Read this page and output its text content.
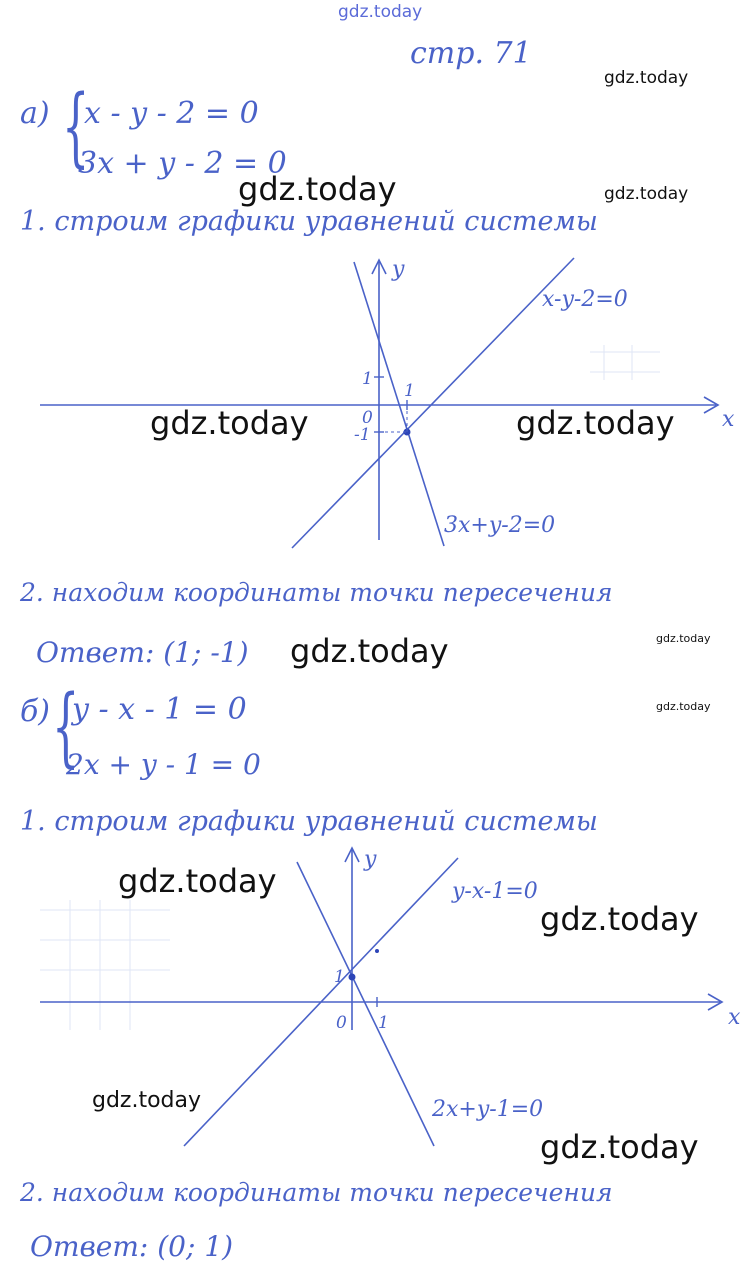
gdz.today
стр. 71
а) {
x - y - 2 = 0
3x + y - 2 = 0
1. строим графики уравнений системы
y
x
0
1
-1
1
x-y-2=0
3x+y-2=0
2. находим координаты точки пересечения
Ответ: (1; -1)
б) {
y - x - 1 = 0
2x + y - 1 = 0
1. строим графики уравнений системы
y
x
0
1
1
y-x-1=0
2x+y-1=0
2. находим координаты точки пересечения
Ответ: (0; 1)
gdz.today
gdz.today	gdz.today
gdz.today	gdz.today
gdz.today
gdz.today
gdz.today
gdz.today
gdz.today
gdz.today
gdz.today
